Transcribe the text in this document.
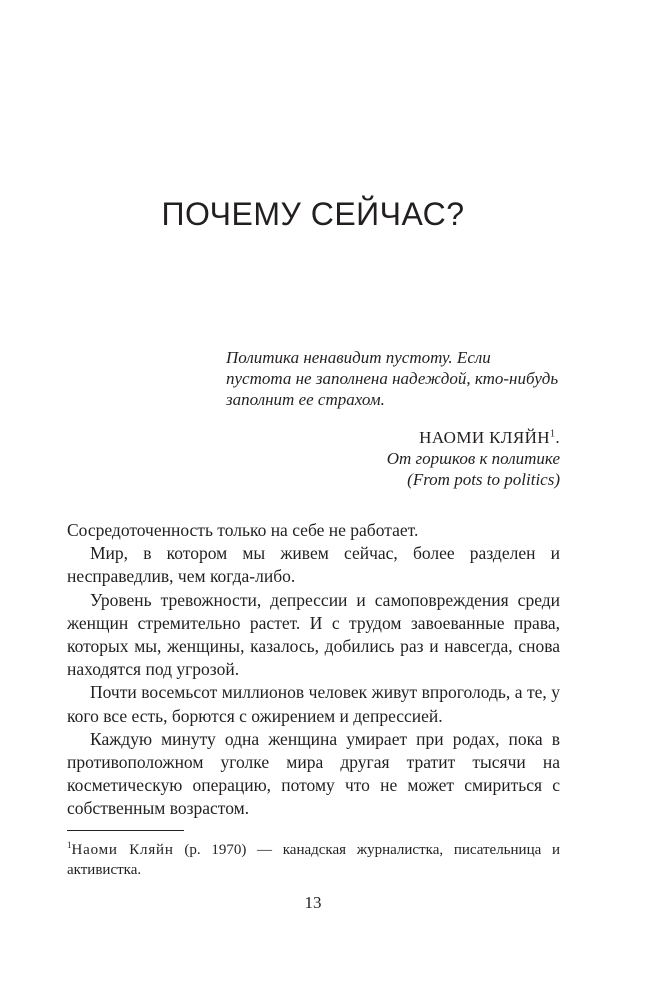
ПОЧЕМУ СЕЙЧАС?

Политика ненавидит пустоту. Если пустота не заполнена надеждой, кто-нибудь заполнит ее страхом.

НАОМИ КЛЯЙН$^1$.
От горшков к политике
(From pots to politics)

Сосредоточенность только на себе не работает.

Мир, в котором мы живем сейчас, более разделен и несправедлив, чем когда-либо.

Уровень тревожности, депрессии и самоповреждения среди женщин стремительно растет. И с трудом завоеванные права, которых мы, женщины, казалось, добились раз и навсегда, снова находятся под угрозой.

Почти восемьсот миллионов человек живут впроголодь, а те, у кого все есть, борются с ожирением и депрессией.

Каждую минуту одна женщина умирает при родах, пока в противоположном уголке мира другая тратит тысячи на косметическую операцию, потому что не может смириться с собственным возрастом.

$^1$Наоми Кляйн (р. 1970) — канадская журналистка, писательница и активистка.
13
